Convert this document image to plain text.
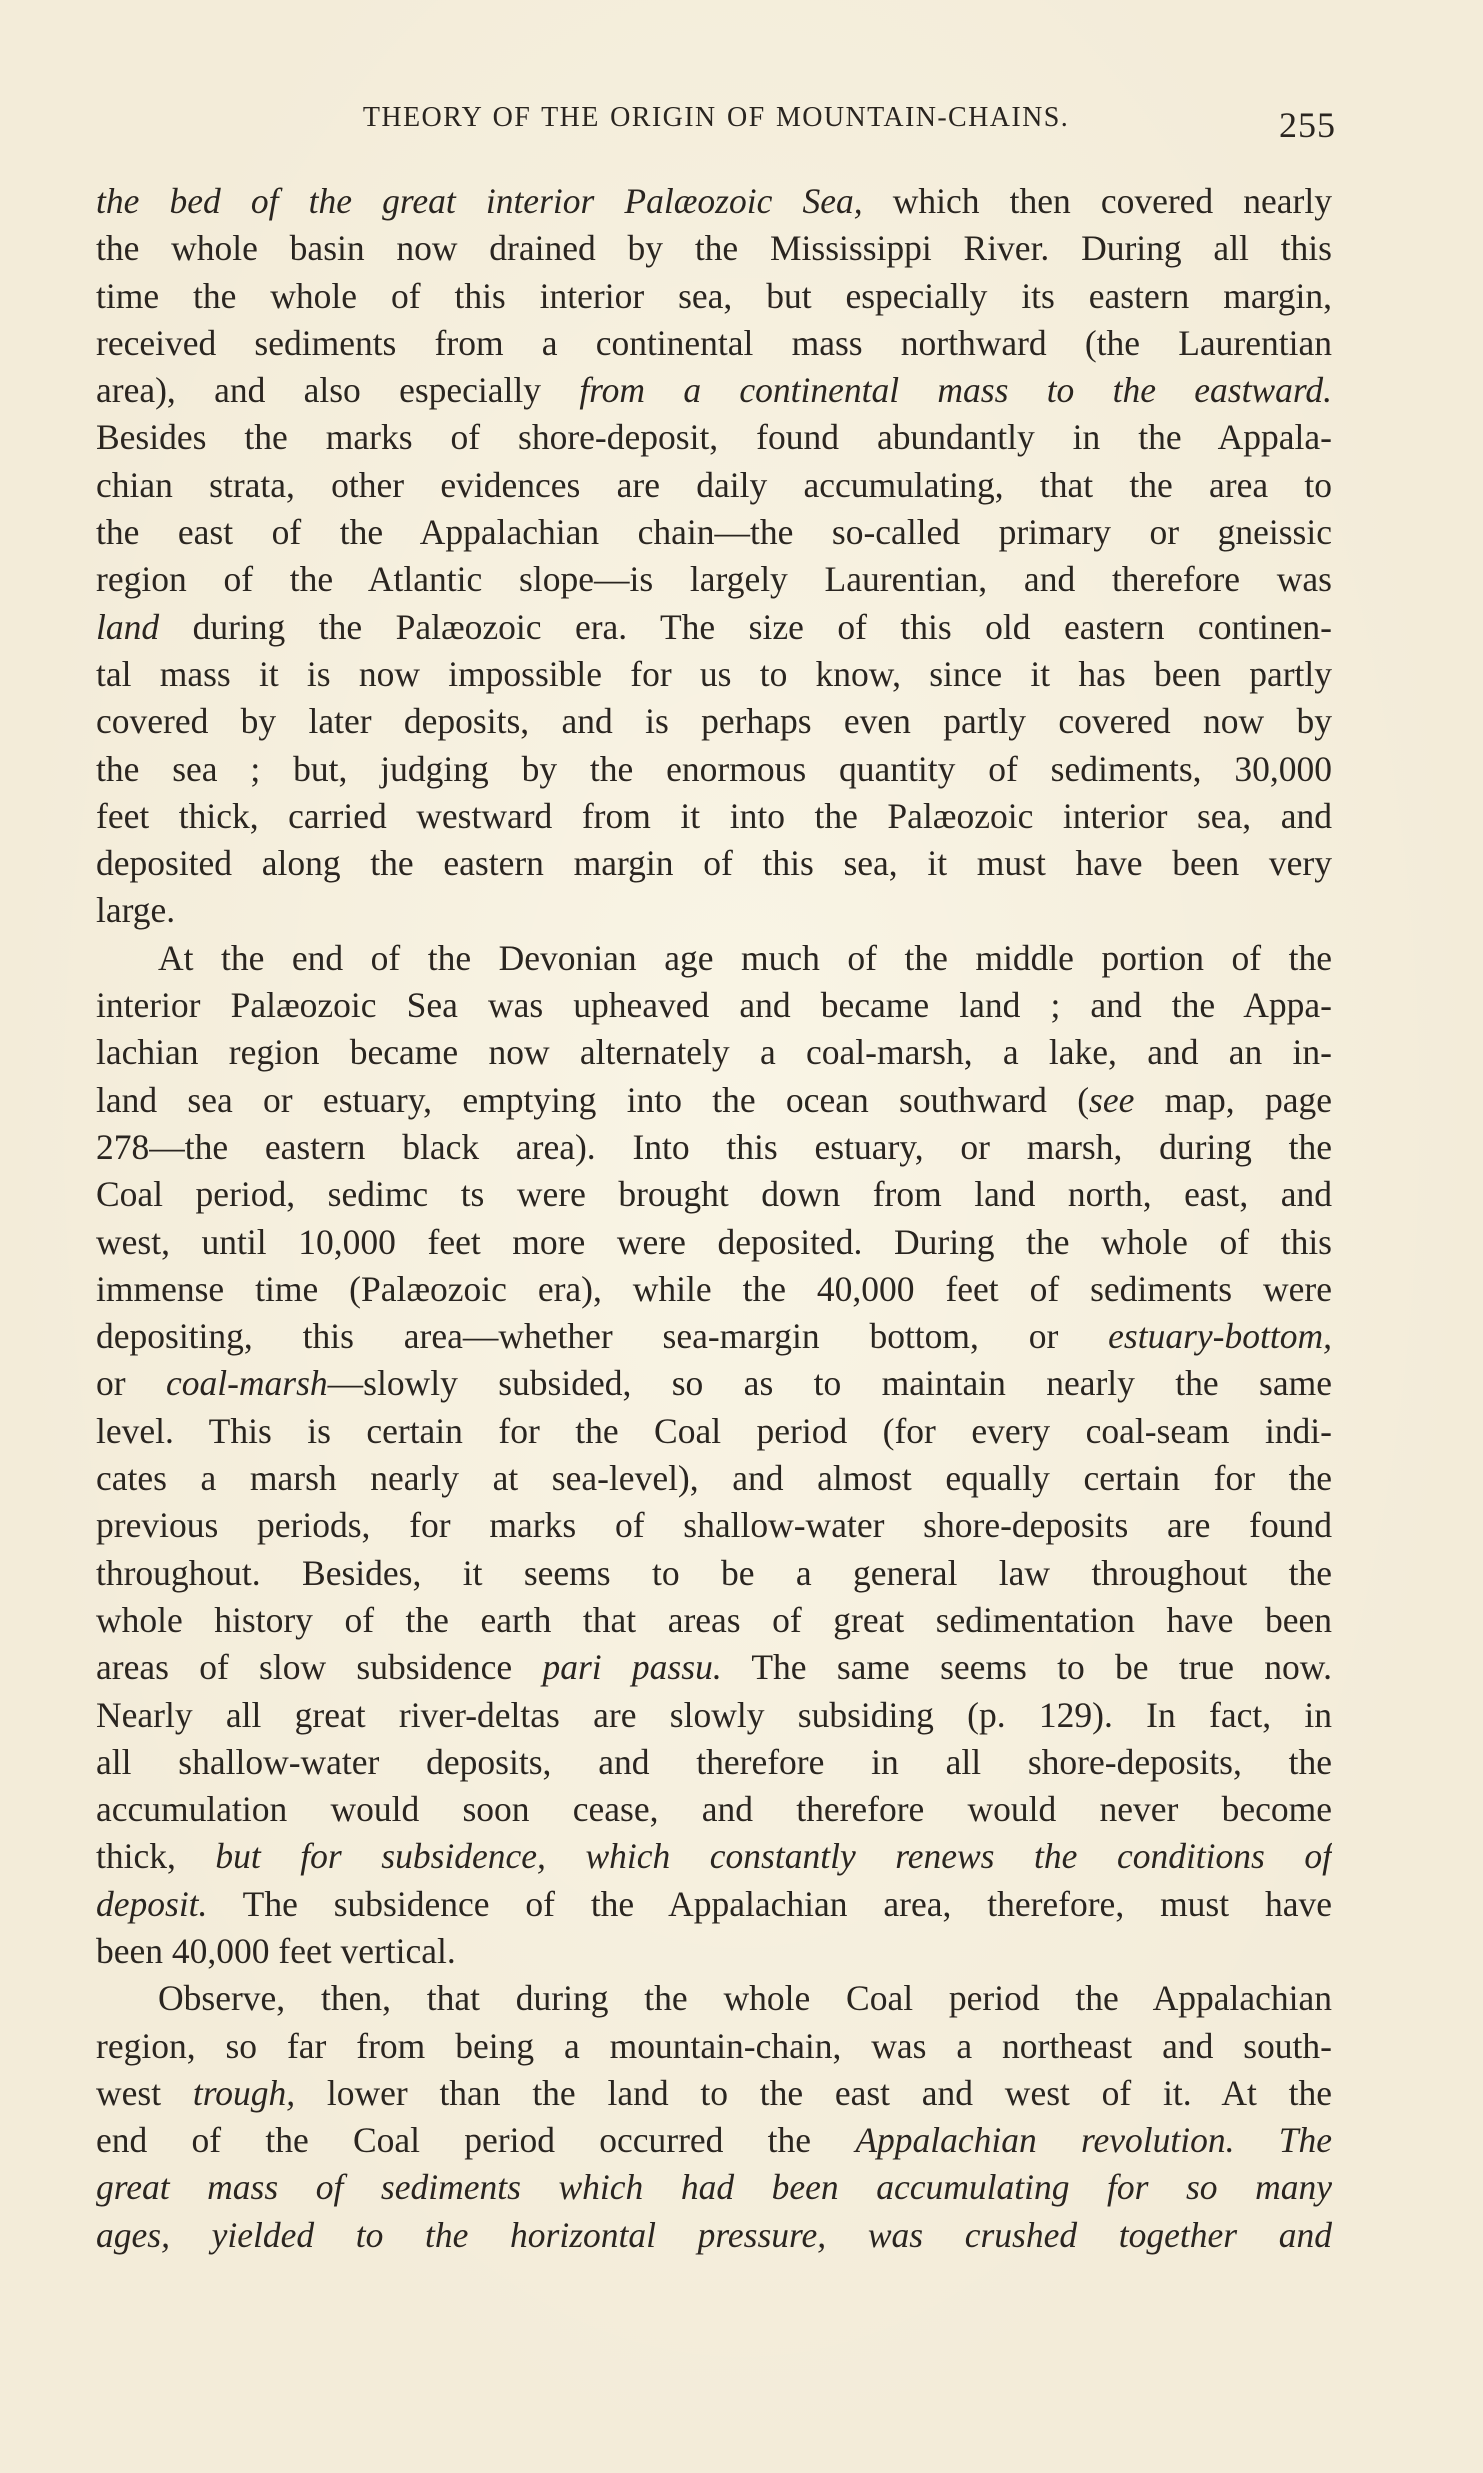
THEORY OF THE ORIGIN OF MOUNTAIN-CHAINS.	255
the bed of the great interior Palæozoic Sea, which then covered nearly
the whole basin now drained by the Mississippi River. During all this
time the whole of this interior sea, but especially its eastern margin,
received sediments from a continental mass northward (the Laurentian
area), and also especially from a continental mass to the eastward.
Besides the marks of shore-deposit, found abundantly in the Appala-
chian strata, other evidences are daily accumulating, that the area to
the east of the Appalachian chain—the so-called primary or gneissic
region of the Atlantic slope—is largely Laurentian, and therefore was
land during the Palæozoic era. The size of this old eastern continen-
tal mass it is now impossible for us to know, since it has been partly
covered by later deposits, and is perhaps even partly covered now by
the sea ; but, judging by the enormous quantity of sediments, 30,000
feet thick, carried westward from it into the Palæozoic interior sea, and
deposited along the eastern margin of this sea, it must have been very
large.
At the end of the Devonian age much of the middle portion of the
interior Palæozoic Sea was upheaved and became land ; and the Appa-
lachian region became now alternately a coal-marsh, a lake, and an in-
land sea or estuary, emptying into the ocean southward (see map, page
278—the eastern black area). Into this estuary, or marsh, during the
Coal period, sedimc ts were brought down from land north, east, and
west, until 10,000 feet more were deposited. During the whole of this
immense time (Palæozoic era), while the 40,000 feet of sediments were
depositing, this area—whether sea-margin bottom, or estuary-bottom,
or coal-marsh—slowly subsided, so as to maintain nearly the same
level. This is certain for the Coal period (for every coal-seam indi-
cates a marsh nearly at sea-level), and almost equally certain for the
previous periods, for marks of shallow-water shore-deposits are found
throughout. Besides, it seems to be a general law throughout the
whole history of the earth that areas of great sedimentation have been
areas of slow subsidence pari passu. The same seems to be true now.
Nearly all great river-deltas are slowly subsiding (p. 129). In fact, in
all shallow-water deposits, and therefore in all shore-deposits, the
accumulation would soon cease, and therefore would never become
thick, but for subsidence, which constantly renews the conditions of
deposit. The subsidence of the Appalachian area, therefore, must have
been 40,000 feet vertical.
Observe, then, that during the whole Coal period the Appalachian
region, so far from being a mountain-chain, was a northeast and south-
west trough, lower than the land to the east and west of it. At the
end of the Coal period occurred the Appalachian revolution. The
great mass of sediments which had been accumulating for so many
ages, yielded to the horizontal pressure, was crushed together and
